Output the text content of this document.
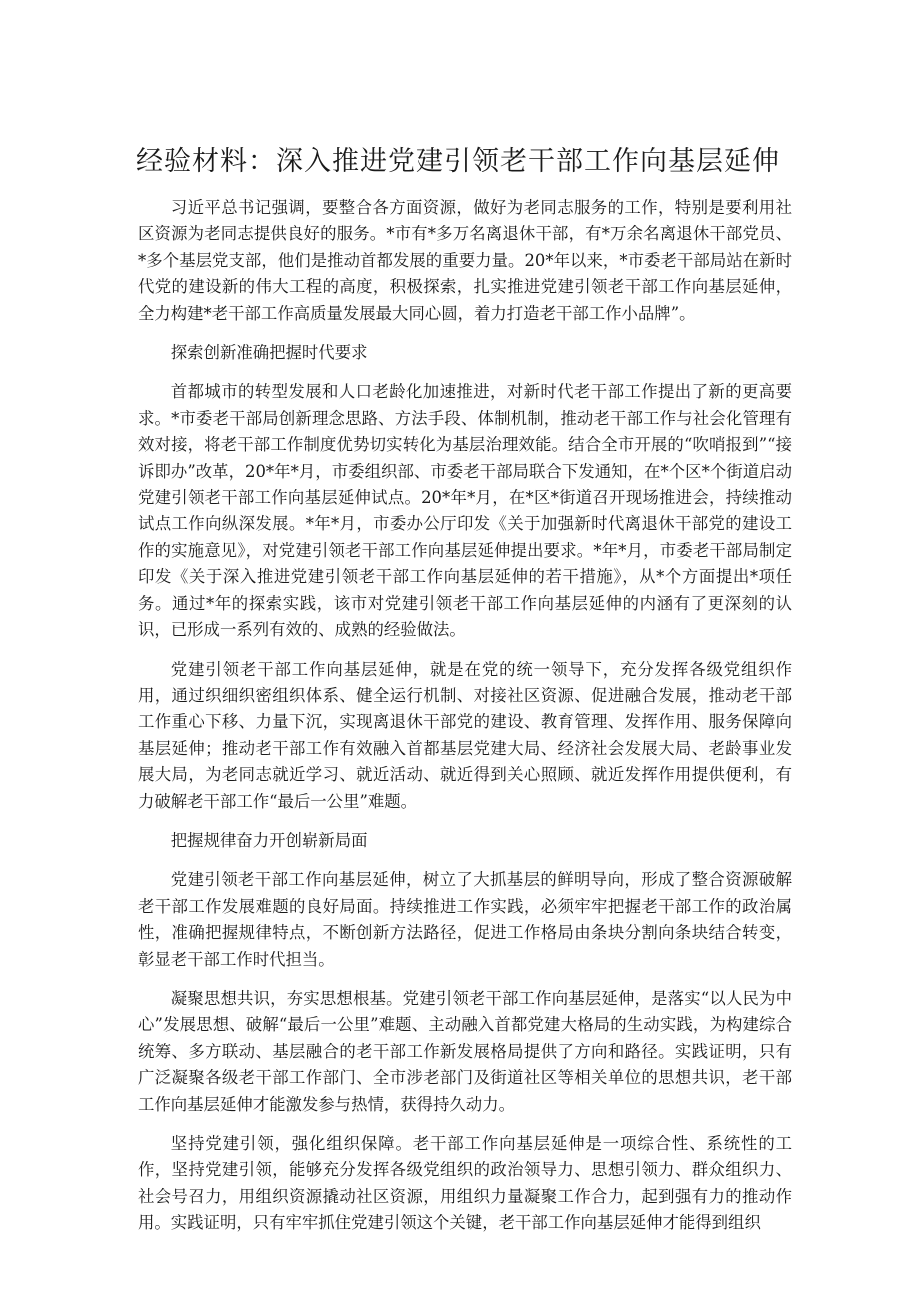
经验材料：深入推进党建引领老干部工作向基层延伸

习近平总书记强调，要整合各方面资源，做好为老同志服务的工作，特别是要利用社区资源为老同志提供良好的服务。*市有*多万名离退休干部，有*万余名离退休干部党员、*多个基层党支部，他们是推动首都发展的重要力量。20*年以来，*市委老干部局站在新时代党的建设新的伟大工程的高度，积极探索，扎实推进党建引领老干部工作向基层延伸，全力构建*老干部工作高质量发展最大同心圆，着力打造老干部工作小品牌”。

探索创新准确把握时代要求

首都城市的转型发展和人口老龄化加速推进，对新时代老干部工作提出了新的更高要求。*市委老干部局创新理念思路、方法手段、体制机制，推动老干部工作与社会化管理有效对接，将老干部工作制度优势切实转化为基层治理效能。结合全市开展的“吹哨报到”“接诉即办”改革，20*年*月，市委组织部、市委老干部局联合下发通知，在*个区*个街道启动党建引领老干部工作向基层延伸试点。20*年*月，在*区*街道召开现场推进会，持续推动试点工作向纵深发展。*年*月，市委办公厅印发《关于加强新时代离退休干部党的建设工作的实施意见》，对党建引领老干部工作向基层延伸提出要求。*年*月，市委老干部局制定印发《关于深入推进党建引领老干部工作向基层延伸的若干措施》，从*个方面提出*项任务。通过*年的探索实践，该市对党建引领老干部工作向基层延伸的内涵有了更深刻的认识，已形成一系列有效的、成熟的经验做法。

党建引领老干部工作向基层延伸，就是在党的统一领导下，充分发挥各级党组织作用，通过织细织密组织体系、健全运行机制、对接社区资源、促进融合发展，推动老干部工作重心下移、力量下沉，实现离退休干部党的建设、教育管理、发挥作用、服务保障向基层延伸；推动老干部工作有效融入首都基层党建大局、经济社会发展大局、老龄事业发展大局，为老同志就近学习、就近活动、就近得到关心照顾、就近发挥作用提供便利，有力破解老干部工作“最后一公里”难题。

把握规律奋力开创崭新局面

党建引领老干部工作向基层延伸，树立了大抓基层的鲜明导向，形成了整合资源破解老干部工作发展难题的良好局面。持续推进工作实践，必须牢牢把握老干部工作的政治属性，准确把握规律特点，不断创新方法路径，促进工作格局由条块分割向条块结合转变，彰显老干部工作时代担当。

凝聚思想共识，夯实思想根基。党建引领老干部工作向基层延伸，是落实“以人民为中心”发展思想、破解“最后一公里”难题、主动融入首都党建大格局的生动实践，为构建综合统筹、多方联动、基层融合的老干部工作新发展格局提供了方向和路径。实践证明，只有广泛凝聚各级老干部工作部门、全市涉老部门及街道社区等相关单位的思想共识，老干部工作向基层延伸才能激发参与热情，获得持久动力。

坚持党建引领，强化组织保障。老干部工作向基层延伸是一项综合性、系统性的工作，坚持党建引领，能够充分发挥各级党组织的政治领导力、思想引领力、群众组织力、社会号召力，用组织资源撬动社区资源，用组织力量凝聚工作合力，起到强有力的推动作用。实践证明，只有牢牢抓住党建引领这个关键，老干部工作向基层延伸才能得到组织
